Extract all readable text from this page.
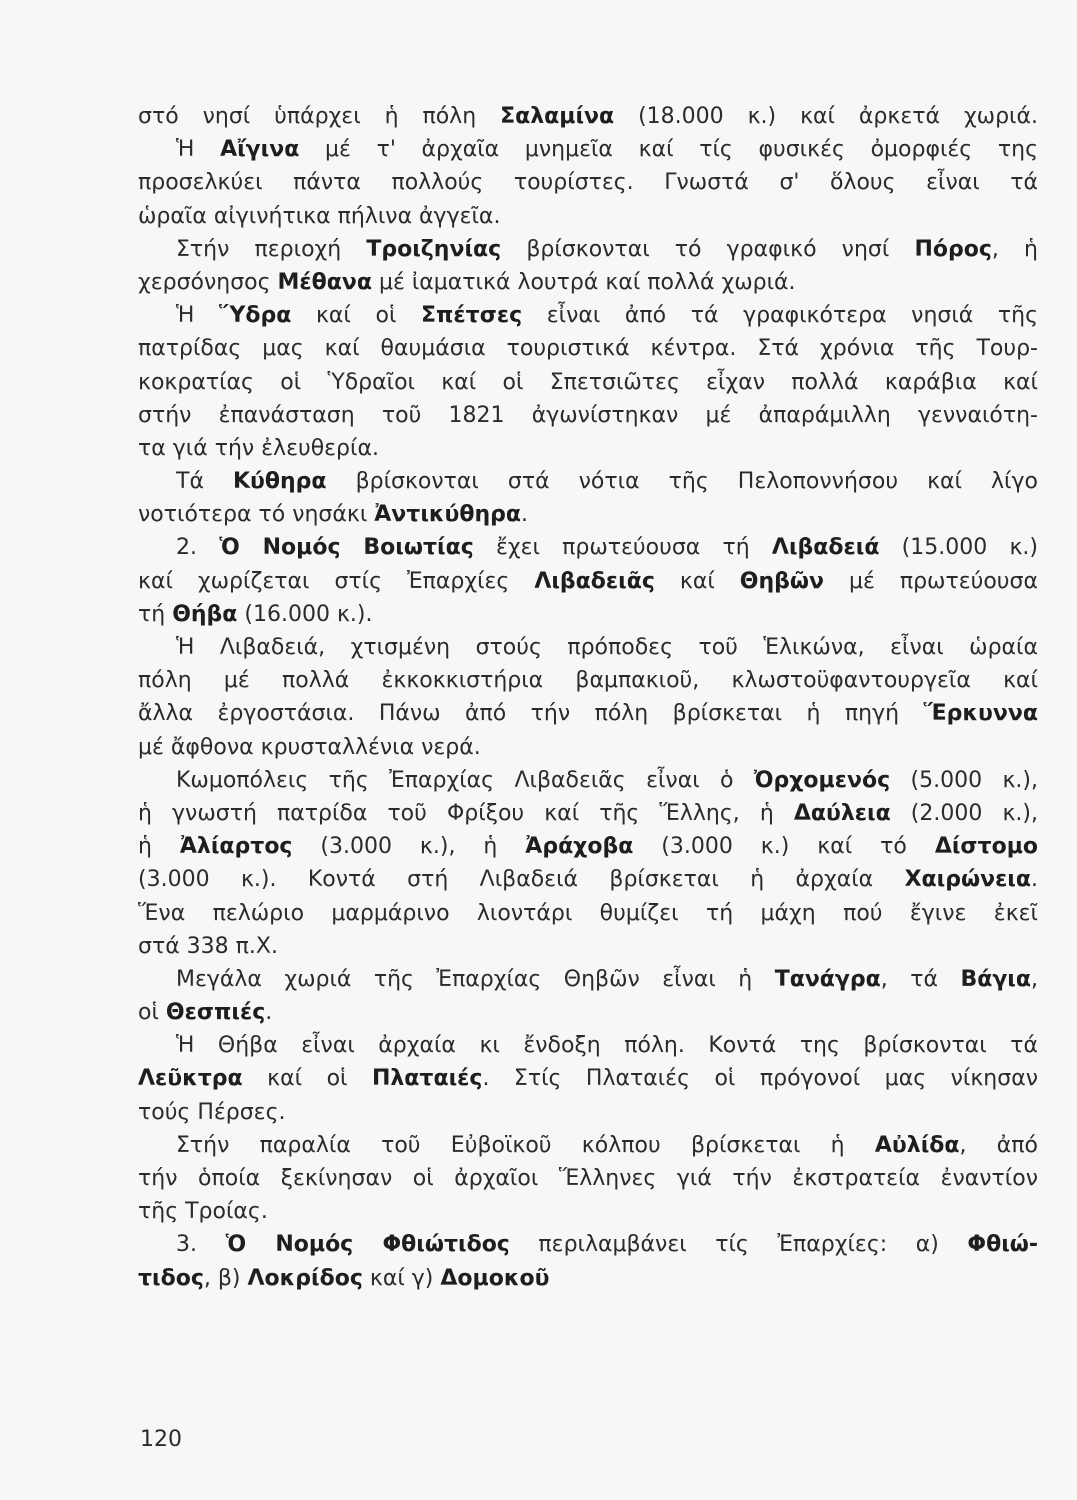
στό νησί ὑπάρχει ἡ πόλη Σαλαμίνα (18.000 κ.) καί ἀρκετά χωριά.
Ἡ Αἴγινα μέ τ' ἀρχαῖα μνημεῖα καί τίς φυσικές ὀμορφιές της
προσελκύει πάντα πολλούς τουρίστες. Γνωστά σ' ὅλους εἶναι τά
ὡραῖα αἰγινήτικα πήλινα ἀγγεῖα.
Στήν περιοχή Τροιζηνίας βρίσκονται τό γραφικό νησί Πόρος, ἡ
χερσόνησος Μέθανα μέ ἰαματικά λουτρά καί πολλά χωριά.
Ἡ Ὕδρα καί οἱ Σπέτσες εἶναι ἀπό τά γραφικότερα νησιά τῆς
πατρίδας μας καί θαυμάσια τουριστικά κέντρα. Στά χρόνια τῆς Τουρ-
κοκρατίας οἱ Ὑδραῖοι καί οἱ Σπετσιῶτες εἶχαν πολλά καράβια καί
στήν ἐπανάσταση τοῦ 1821 ἀγωνίστηκαν μέ ἀπαράμιλλη γενναιότη-
τα γιά τήν ἐλευθερία.
Τά Κύθηρα βρίσκονται στά νότια τῆς Πελοποννήσου καί λίγο
νοτιότερα τό νησάκι Ἀντικύθηρα.
2. Ὁ Νομός Βοιωτίας ἔχει πρωτεύουσα τή Λιβαδειά (15.000 κ.)
καί χωρίζεται στίς Ἐπαρχίες Λιβαδειᾶς καί Θηβῶν μέ πρωτεύουσα
τή Θήβα (16.000 κ.).
Ἡ Λιβαδειά, χτισμένη στούς πρόποδες τοῦ Ἑλικώνα, εἶναι ὡραία
πόλη μέ πολλά ἐκκοκκιστήρια βαμπακιοῦ, κλωστοϋφαντουργεῖα καί
ἄλλα ἐργοστάσια. Πάνω ἀπό τήν πόλη βρίσκεται ἡ πηγή Ἕρκυννα
μέ ἄφθονα κρυσταλλένια νερά.
Κωμοπόλεις τῆς Ἐπαρχίας Λιβαδειᾶς εἶναι ὁ Ὀρχομενός (5.000 κ.),
ἡ γνωστή πατρίδα τοῦ Φρίξου καί τῆς Ἕλλης, ἡ Δαύλεια (2.000 κ.),
ἡ Ἀλίαρτος (3.000 κ.), ἡ Ἀράχοβα (3.000 κ.) καί τό Δίστομο
(3.000 κ.). Κοντά στή Λιβαδειά βρίσκεται ἡ ἀρχαία Χαιρώνεια.
Ἕνα πελώριο μαρμάρινο λιοντάρι θυμίζει τή μάχη πού ἔγινε ἐκεῖ
στά 338 π.Χ.
Μεγάλα χωριά τῆς Ἐπαρχίας Θηβῶν εἶναι ἡ Τανάγρα, τά Βάγια,
οἱ Θεσπιές.
Ἡ Θήβα εἶναι ἀρχαία κι ἔνδοξη πόλη. Κοντά της βρίσκονται τά
Λεῦκτρα καί οἱ Πλαταιές. Στίς Πλαταιές οἱ πρόγονοί μας νίκησαν
τούς Πέρσες.
Στήν παραλία τοῦ Εὐβοϊκοῦ κόλπου βρίσκεται ἡ Αὐλίδα, ἀπό
τήν ὁποία ξεκίνησαν οἱ ἀρχαῖοι Ἕλληνες γιά τήν ἐκστρατεία ἐναντίον
τῆς Τροίας.
3. Ὁ Νομός Φθιώτιδος περιλαμβάνει τίς Ἐπαρχίες: α) Φθιώ-
τιδος, β) Λοκρίδος καί γ) Δομοκοῦ
120
